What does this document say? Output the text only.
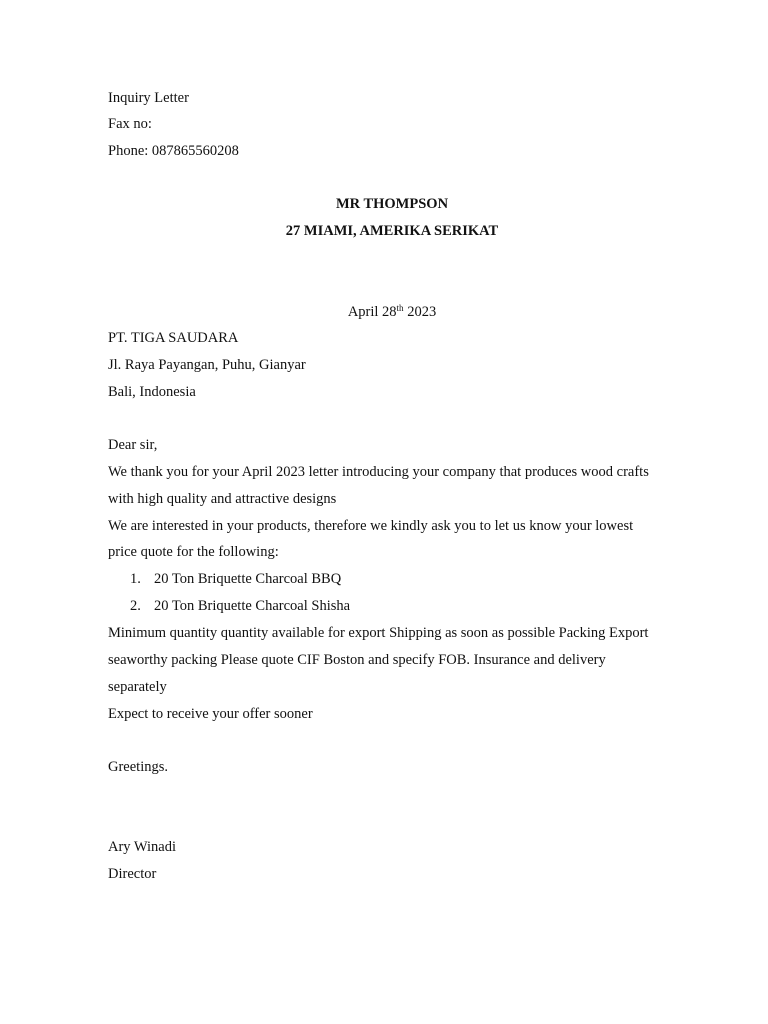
Inquiry Letter
Fax no:
Phone: 087865560208
MR THOMPSON
27 MIAMI, AMERIKA SERIKAT
April 28th 2023
PT. TIGA SAUDARA
Jl. Raya Payangan, Puhu, Gianyar
Bali, Indonesia
Dear sir,
We thank you for your April 2023 letter introducing your company that produces wood crafts
with high quality and attractive designs
We are interested in your products, therefore we kindly ask you to let us know your lowest
price quote for the following:
1. 20 Ton Briquette Charcoal BBQ
2. 20 Ton Briquette Charcoal Shisha
Minimum quantity quantity available for export Shipping as soon as possible Packing Export
seaworthy packing Please quote CIF Boston and specify FOB. Insurance and delivery
separately
Expect to receive your offer sooner
Greetings.
Ary Winadi
Director
